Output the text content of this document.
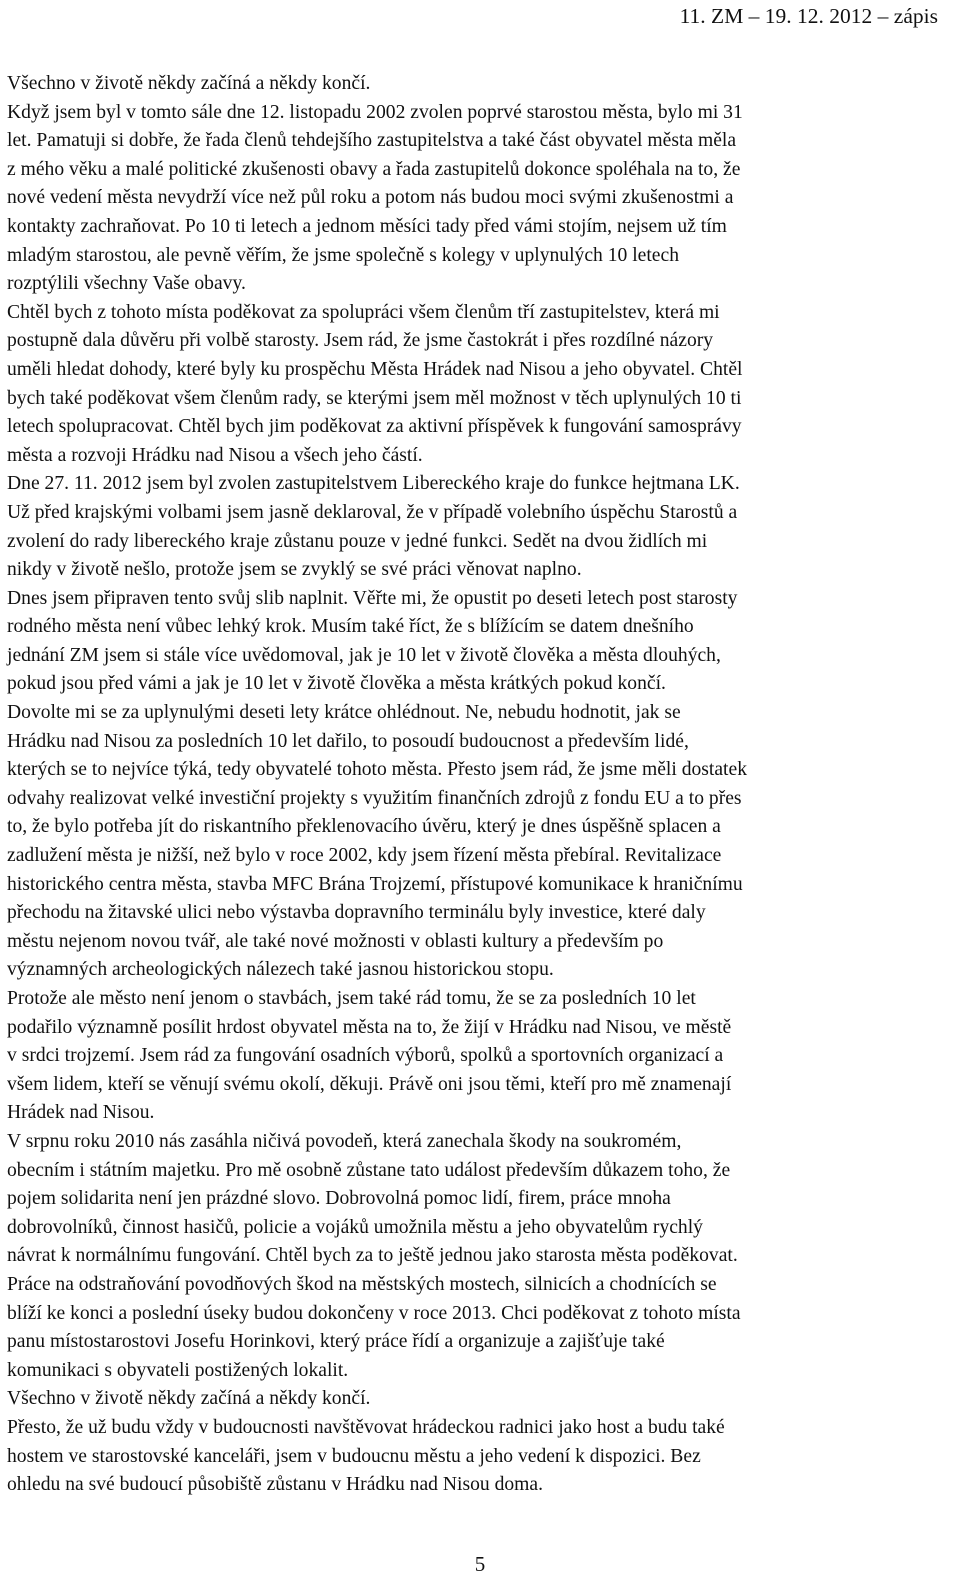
11. ZM – 19. 12. 2012 – zápis
Všechno v životě někdy začíná a někdy končí.
Když jsem byl v tomto sále dne 12. listopadu 2002 zvolen poprvé starostou města, bylo mi 31
let. Pamatuji si dobře, že řada členů tehdejšího zastupitelstva a také část obyvatel města měla
z mého věku a malé politické zkušenosti obavy a řada zastupitelů dokonce spoléhala na to, že
nové vedení města nevydrží více než půl roku a potom nás budou moci svými zkušenostmi a
kontakty zachraňovat. Po 10 ti letech a jednom měsíci tady před vámi stojím, nejsem už tím
mladým starostou, ale pevně věřím, že jsme společně s kolegy v uplynulých 10 letech
rozptýlili všechny Vaše obavy.
Chtěl bych z tohoto místa poděkovat za spolupráci všem členům tří zastupitelstev, která mi
postupně dala důvěru při volbě starosty. Jsem rád, že jsme častokrát i přes rozdílné názory
uměli hledat dohody, které byly ku prospěchu Města Hrádek nad Nisou a jeho obyvatel. Chtěl
bych také poděkovat všem členům rady, se kterými jsem měl možnost v těch uplynulých 10 ti
letech spolupracovat. Chtěl bych jim poděkovat za aktivní příspěvek k fungování samosprávy
města a rozvoji Hrádku nad Nisou a všech jeho částí.
Dne 27. 11. 2012 jsem byl zvolen zastupitelstvem Libereckého kraje do funkce hejtmana LK.
Už před krajskými volbami jsem jasně deklaroval, že v případě volebního úspěchu Starostů a
zvolení do rady libereckého kraje zůstanu pouze v jedné funkci. Sedět na dvou židlích mi
nikdy v životě nešlo, protože jsem se zvyklý se své práci věnovat naplno.
Dnes jsem připraven tento svůj slib naplnit. Věřte mi, že opustit po deseti letech post starosty
rodného města není vůbec lehký krok. Musím také říct, že s blížícím se datem dnešního
jednání ZM jsem si stále více uvědomoval, jak je 10 let v životě člověka a města dlouhých,
pokud jsou před vámi a jak je 10 let v životě člověka a města krátkých pokud končí.
Dovolte mi se za uplynulými deseti lety krátce ohlédnout. Ne, nebudu hodnotit, jak se
Hrádku nad Nisou za posledních 10 let dařilo, to posoudí budoucnost a především lidé,
kterých se to nejvíce týká, tedy obyvatelé tohoto města. Přesto jsem rád, že jsme měli dostatek
odvahy realizovat velké investiční projekty s využitím finančních zdrojů z fondu EU a to přes
to, že bylo potřeba jít do riskantního překlenovacího úvěru, který je dnes úspěšně splacen a
zadlužení města je nižší, než bylo v roce 2002, kdy jsem řízení města přebíral. Revitalizace
historického centra města, stavba MFC Brána Trojzemí, přístupové komunikace k hraničnímu
přechodu na žitavské ulici nebo výstavba dopravního terminálu byly investice, které daly
městu nejenom novou tvář, ale také nové možnosti v oblasti kultury a především po
významných archeologických nálezech také jasnou historickou stopu.
Protože ale město není jenom o stavbách, jsem také rád tomu, že se za posledních 10 let
podařilo významně posílit hrdost obyvatel města na to, že žijí v Hrádku nad Nisou, ve městě
v srdci trojzemí. Jsem rád za fungování osadních výborů, spolků a sportovních organizací a
všem lidem, kteří se věnují svému okolí, děkuji. Právě oni jsou těmi, kteří pro mě znamenají
Hrádek nad Nisou.
V srpnu roku 2010 nás zasáhla ničivá povodeň, která zanechala škody na soukromém,
obecním i státním majetku. Pro mě osobně zůstane tato událost především důkazem toho, že
pojem solidarita není jen prázdné slovo. Dobrovolná pomoc lidí, firem, práce mnoha
dobrovolníků, činnost hasičů, policie a vojáků umožnila městu a jeho obyvatelům rychlý
návrat k normálnímu fungování. Chtěl bych za to ještě jednou jako starosta města poděkovat.
Práce na odstraňování povodňových škod na městských mostech, silnicích a chodnících se
blíží ke konci a poslední úseky budou dokončeny v roce 2013. Chci poděkovat z tohoto místa
panu místostarostovi Josefu Horinkovi, který práce řídí a organizuje a zajišťuje také
komunikaci s obyvateli postižených lokalit.
Všechno v životě někdy začíná a někdy končí.
Přesto, že už budu vždy v budoucnosti navštěvovat hrádeckou radnici jako host a budu také
hostem ve starostovské kanceláři, jsem v budoucnu městu a jeho vedení k dispozici. Bez
ohledu na své budoucí působiště zůstanu v Hrádku nad Nisou doma.
5
